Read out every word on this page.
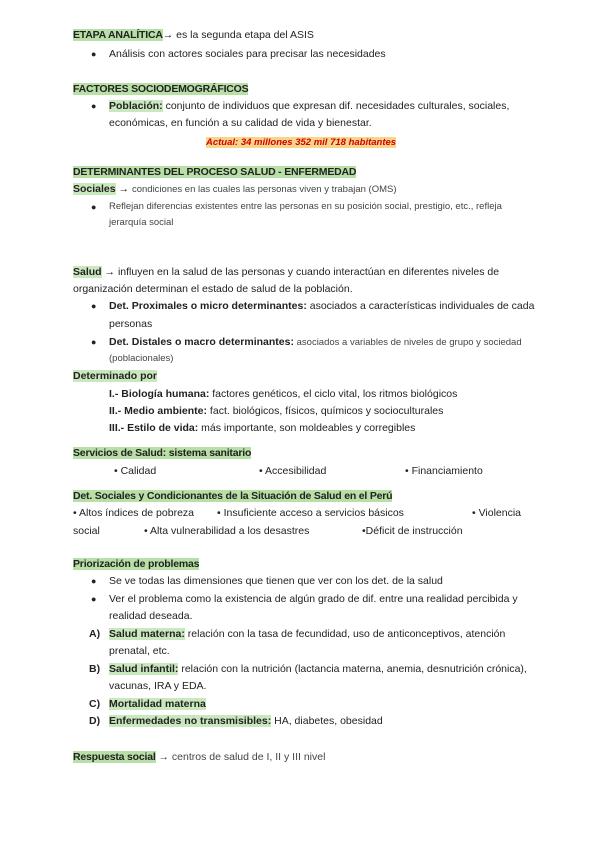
ETAPA ANALÍTICA→ es la segunda etapa del ASIS
● Análisis con actores sociales para precisar las necesidades
FACTORES SOCIODEMOGRÁFICOS
● Población: conjunto de individuos que expresan dif. necesidades culturales, sociales,
económicas, en función a su calidad de vida y bienestar.
Actual: 34 millones 352 mil 718 habitantes
DETERMINANTES DEL PROCESO SALUD - ENFERMEDAD
Sociales → condiciones en las cuales las personas viven y trabajan (OMS)
● Reflejan diferencias existentes entre las personas en su posición social, prestigio, etc., refleja
jerarquía social
Salud → influyen en la salud de las personas y cuando interactúan en diferentes niveles de
organización determinan el estado de salud de la población.
● Det. Proximales o micro determinantes: asociados a características individuales de cada
personas
● Det. Distales o macro determinantes: asociados a variables de niveles de grupo y sociedad
(poblacionales)
Determinado por
I.- Biología humana: factores genéticos, el ciclo vital, los ritmos biológicos
II.- Medio ambiente: fact. biológicos, físicos, químicos y socioculturales
III.- Estilo de vida: más importante, son moldeables y corregibles
Servicios de Salud: sistema sanitario
• Calidad	• Accesibilidad	• Financiamiento
Det. Sociales y Condicionantes de la Situación de Salud en el Perú
• Altos índices de pobreza • Insuficiente acceso a servicios básicos	• Violencia
social	• Alta vulnerabilidad a los desastres	•Déficit de instrucción
Priorización de problemas
● Se ve todas las dimensiones que tienen que ver con los det. de la salud
● Ver el problema como la existencia de algún grado de dif. entre una realidad percibida y
realidad deseada.
A) Salud materna: relación con la tasa de fecundidad, uso de anticonceptivos, atención
prenatal, etc.
B) Salud infantil: relación con la nutrición (lactancia materna, anemia, desnutrición crónica),
vacunas, IRA y EDA.
C) Mortalidad materna
D) Enfermedades no transmisibles: HA, diabetes, obesidad
Respuesta social → centros de salud de I, II y III nivel
